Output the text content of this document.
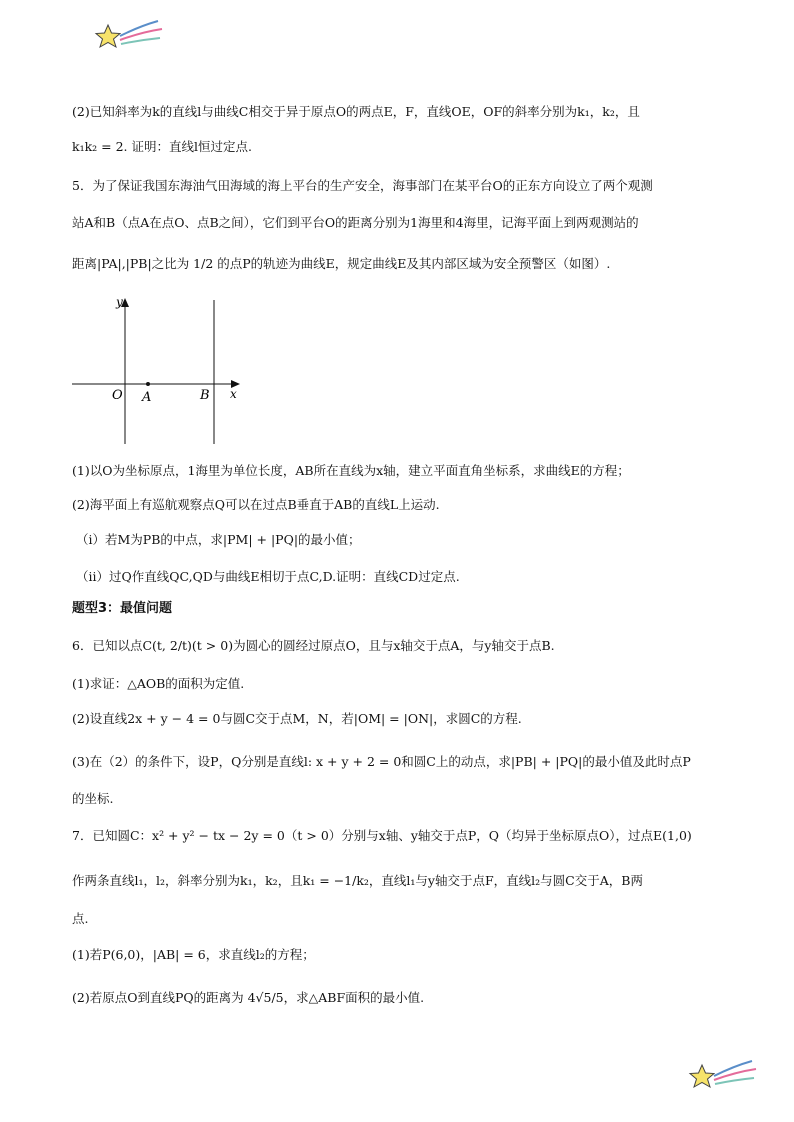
(2)已知斜率为k的直线l与曲线C相交于异于原点O的两点E，F，直线OE，OF的斜率分别为k₁，k₂，且
k₁k₂ = 2. 证明：直线l恒过定点.
5．为了保证我国东海油气田海域的海上平台的生产安全，海事部门在某平台O的正东方向设立了两个观测
站A和B（点A在点O、点B之间），它们到平台O的距离分别为1海里和4海里，记海平面上到两观测站的
距离|PA|,|PB|之比为 1/2 的点P的轨迹为曲线E，规定曲线E及其内部区域为安全预警区（如图）.
y
x
O A	B
(1)以O为坐标原点，1海里为单位长度，AB所在直线为x轴，建立平面直角坐标系，求曲线E的方程；
(2)海平面上有巡航观察点Q可以在过点B垂直于AB的直线L上运动.
（i）若M为PB的中点，求|PM| + |PQ|的最小值；
（ii）过Q作直线QC,QD与曲线E相切于点C,D.证明：直线CD过定点.
题型3：最值问题
6．已知以点C(t, 2/t)(t > 0)为圆心的圆经过原点O，且与x轴交于点A，与y轴交于点B.
(1)求证：△AOB的面积为定值.
(2)设直线2x + y − 4 = 0与圆C交于点M，N，若|OM| = |ON|，求圆C的方程.
(3)在（2）的条件下，设P，Q分别是直线l: x + y + 2 = 0和圆C上的动点，求|PB| + |PQ|的最小值及此时点P
的坐标.
7．已知圆C：x² + y² − tx − 2y = 0（t > 0）分别与x轴、y轴交于点P，Q（均异于坐标原点O），过点E(1,0)
作两条直线l₁，l₂，斜率分别为k₁，k₂，且k₁ = −1/k₂，直线l₁与y轴交于点F，直线l₂与圆C交于A，B两
点.
(1)若P(6,0)，|AB| = 6，求直线l₂的方程；
(2)若原点O到直线PQ的距离为 4√5/5，求△ABF面积的最小值.
